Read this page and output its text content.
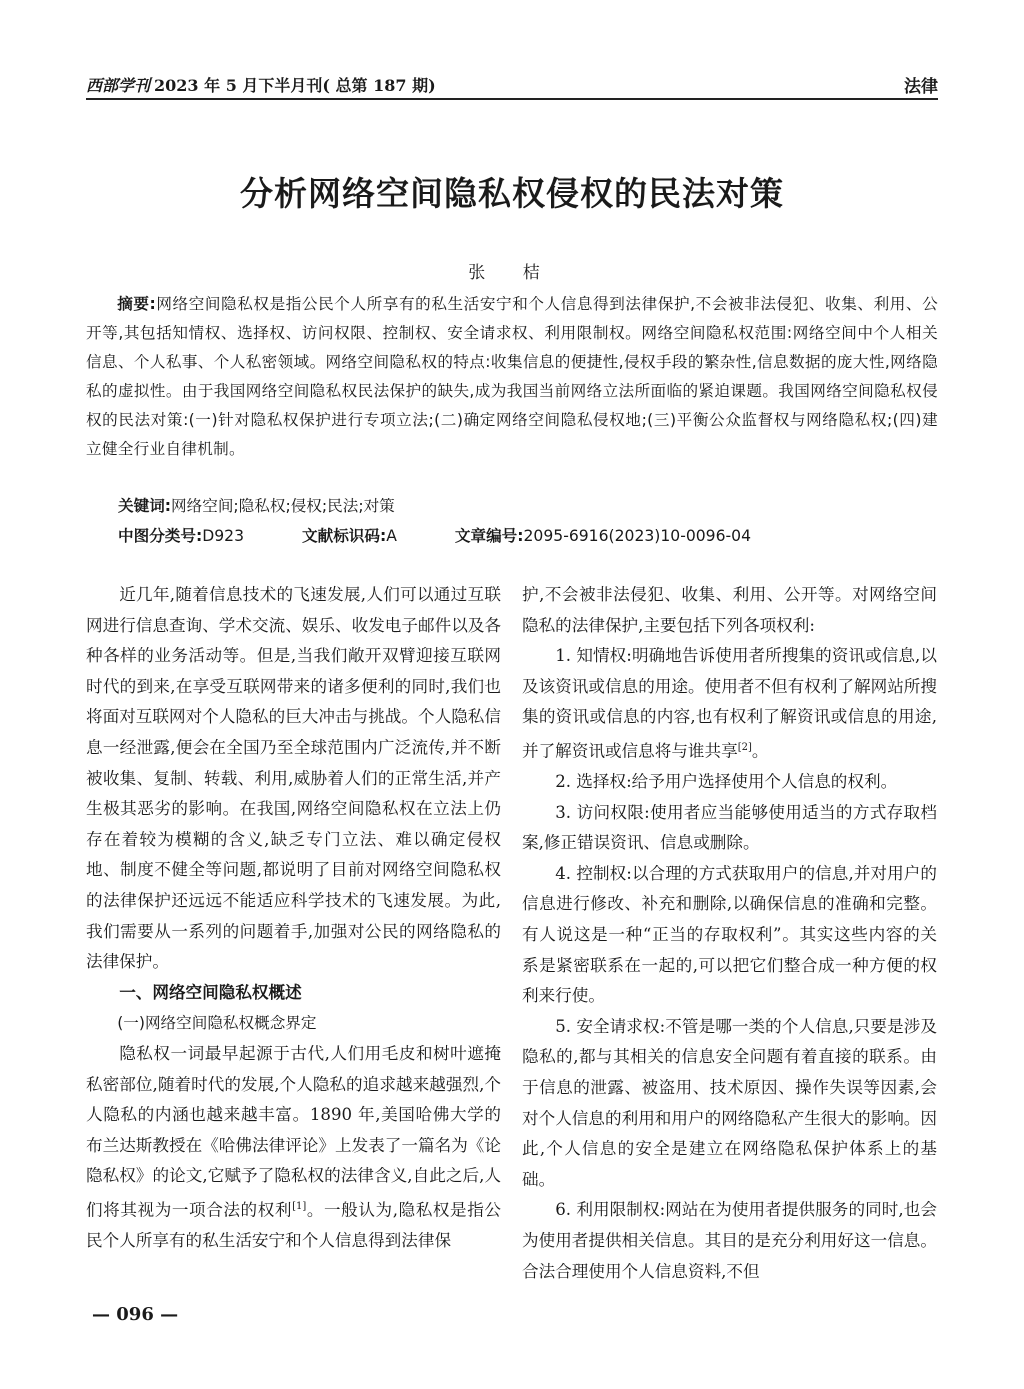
西部学刊 2023 年 5 月下半月刊( 总第 187 期)	法律
分析网络空间隐私权侵权的民法对策
张 桔
摘要:网络空间隐私权是指公民个人所享有的私生活安宁和个人信息得到法律保护,不会被非法侵犯、收集、利用、公开等,其包括知情权、选择权、访问权限、控制权、安全请求权、利用限制权。网络空间隐私权范围:网络空间中个人相关信息、个人私事、个人私密领域。网络空间隐私权的特点:收集信息的便捷性,侵权手段的繁杂性,信息数据的庞大性,网络隐私的虚拟性。由于我国网络空间隐私权民法保护的缺失,成为我国当前网络立法所面临的紧迫课题。我国网络空间隐私权侵权的民法对策:(一)针对隐私权保护进行专项立法;(二)确定网络空间隐私侵权地;(三)平衡公众监督权与网络隐私权;(四)建立健全行业自律机制。
关键词:网络空间;隐私权;侵权;民法;对策
中图分类号:D923	文献标识码:A	文章编号:2095-6916(2023)10-0096-04

近几年,随着信息技术的飞速发展,人们可以通过互联网进行信息查询、学术交流、娱乐、收发电子邮件以及各种各样的业务活动等。但是,当我们敞开双臂迎接互联网时代的到来,在享受互联网带来的诸多便利的同时,我们也将面对互联网对个人隐私的巨大冲击与挑战。个人隐私信息一经泄露,便会在全国乃至全球范围内广泛流传,并不断被收集、复制、转载、利用,威胁着人们的正常生活,并产生极其恶劣的影响。在我国,网络空间隐私权在立法上仍存在着较为模糊的含义,缺乏专门立法、难以确定侵权地、制度不健全等问题,都说明了目前对网络空间隐私权的法律保护还远远不能适应科学技术的飞速发展。为此,我们需要从一系列的问题着手,加强对公民的网络隐私的法律保护。

一、网络空间隐私权概述
(一)网络空间隐私权概念界定

隐私权一词最早起源于古代,人们用毛皮和树叶遮掩私密部位,随着时代的发展,个人隐私的追求越来越强烈,个人隐私的内涵也越来越丰富。1890 年,美国哈佛大学的布兰达斯教授在《哈佛法律评论》上发表了一篇名为《论隐私权》的论文,它赋予了隐私权的法律含义,自此之后,人们将其视为一项合法的权利[1]。一般认为,隐私权是指公民个人所享有的私生活安宁和个人信息得到法律保

护,不会被非法侵犯、收集、利用、公开等。对网络空间隐私的法律保护,主要包括下列各项权利:

1. 知情权:明确地告诉使用者所搜集的资讯或信息,以及该资讯或信息的用途。使用者不但有权利了解网站所搜集的资讯或信息的内容,也有权利了解资讯或信息的用途,并了解资讯或信息将与谁共享[2]。

2. 选择权:给予用户选择使用个人信息的权利。

3. 访问权限:使用者应当能够使用适当的方式存取档案,修正错误资讯、信息或删除。

4. 控制权:以合理的方式获取用户的信息,并对用户的信息进行修改、补充和删除,以确保信息的准确和完整。有人说这是一种“正当的存取权利”。其实这些内容的关系是紧密联系在一起的,可以把它们整合成一种方便的权利来行使。

5. 安全请求权:不管是哪一类的个人信息,只要是涉及隐私的,都与其相关的信息安全问题有着直接的联系。由于信息的泄露、被盗用、技术原因、操作失误等因素,会对个人信息的利用和用户的网络隐私产生很大的影响。因此,个人信息的安全是建立在网络隐私保护体系上的基础。

6. 利用限制权:网站在为使用者提供服务的同时,也会为使用者提供相关信息。其目的是充分利用好这一信息。合法合理使用个人信息资料,不但

— 096 —
